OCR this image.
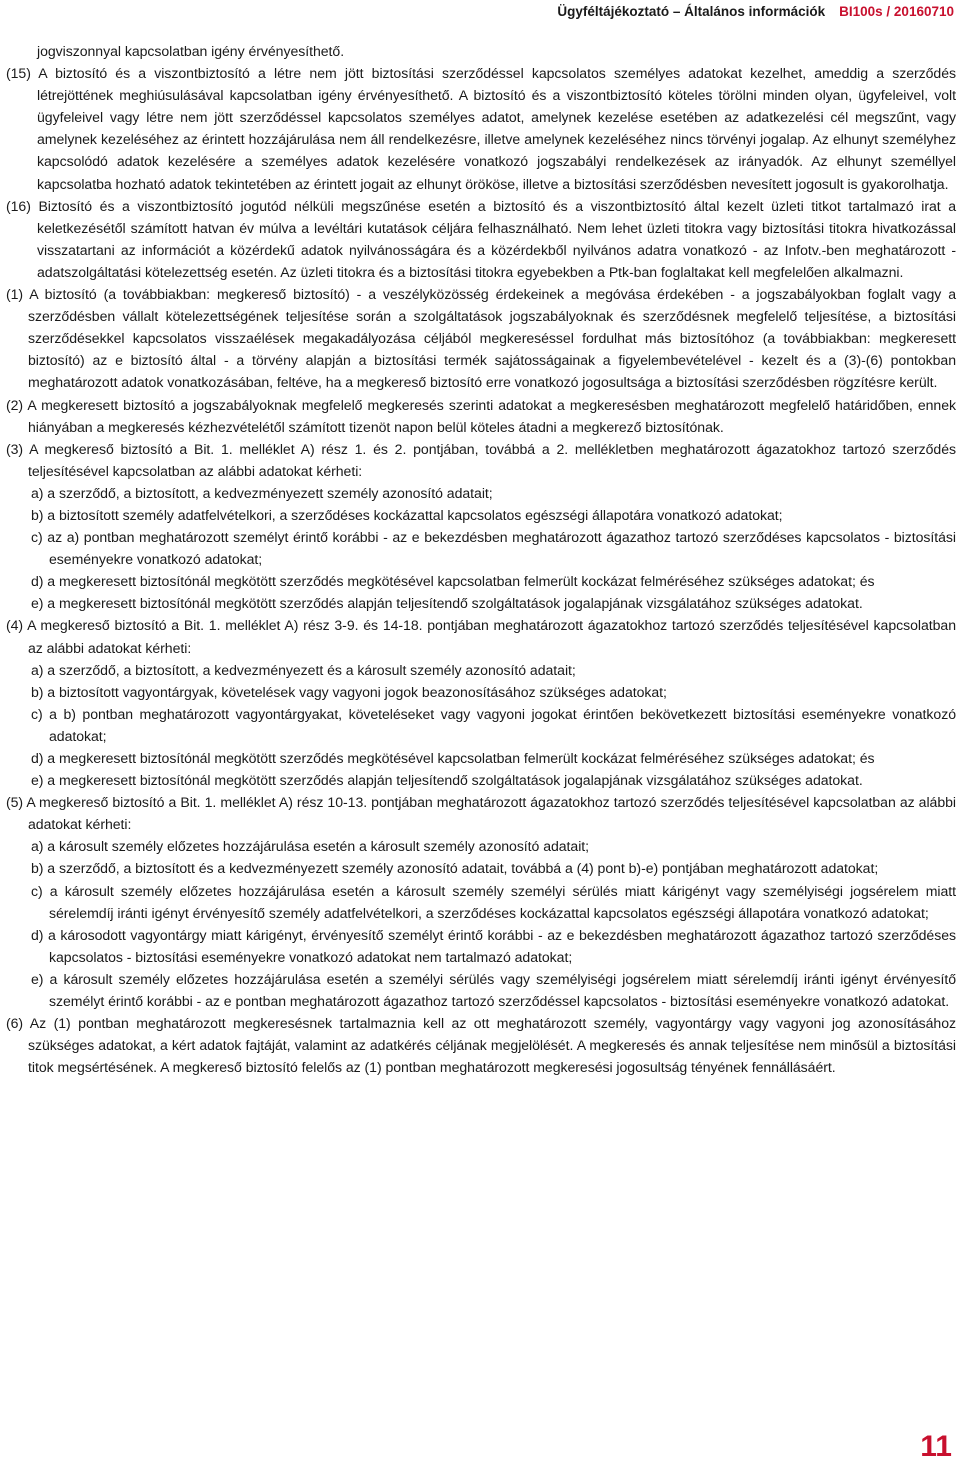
Ügyféltájékoztató – Általános információk BI100s / 20160710

jogviszonnyal kapcsolatban igény érvényesíthető.

(15) A biztosító és a viszontbiztosító a létre nem jött biztosítási szerződéssel kapcsolatos személyes adatokat kezelhet, ameddig a szerződés létrejöttének meghiúsulásával kapcsolatban igény érvényesíthető. A biztosító és a viszontbiztosító köteles törölni minden olyan, ügyfeleivel, volt ügyfeleivel vagy létre nem jött szerződéssel kapcsolatos személyes adatot, amelynek kezelése esetében az adatkezelési cél megszűnt, vagy amelynek kezeléséhez az érintett hozzájárulása nem áll rendelkezésre, illetve amelynek kezeléséhez nincs törvényi jogalap. Az elhunyt személyhez kapcsolódó adatok kezelésére a személyes adatok kezelésére vonatkozó jogszabályi rendelkezések az irányadók. Az elhunyt személlyel kapcsolatba hozható adatok tekintetében az érintett jogait az elhunyt örököse, illetve a biztosítási szerződésben nevesített jogosult is gyakorolhatja.

(16) Biztosító és a viszontbiztosító jogutód nélküli megszűnése esetén a biztosító és a viszontbiztosító által kezelt üzleti titkot tartalmazó irat a keletkezésétől számított hatvan év múlva a levéltári kutatások céljára felhasználható. Nem lehet üzleti titokra vagy biztosítási titokra hivatkozással visszatartani az információt a közérdekű adatok nyilvánosságára és a közérdekből nyilvános adatra vonatkozó - az Infotv.-ben meghatározott - adatszolgáltatási kötelezettség esetén. Az üzleti titokra és a biztosítási titokra egyebekben a Ptk-ban foglaltakat kell megfelelően alkalmazni.

(1) A biztosító (a továbbiakban: megkereső biztosító) - a veszélyközösség érdekeinek a megóvása érdekében - a jogszabályokban foglalt vagy a szerződésben vállalt kötelezettségének teljesítése során a szolgáltatások jogszabályoknak és szerződésnek megfelelő teljesítése, a biztosítási szerződésekkel kapcsolatos visszaélések megakadályozása céljából megkereséssel fordulhat más biztosítóhoz (a továbbiakban: megkeresett biztosító) az e biztosító által - a törvény alapján a biztosítási termék sajátosságainak a figyelembevételével - kezelt és a (3)-(6) pontokban meghatározott adatok vonatkozásában, feltéve, ha a megkereső biztosító erre vonatkozó jogosultsága a biztosítási szerződésben rögzítésre került.

(2) A megkeresett biztosító a jogszabályoknak megfelelő megkeresés szerinti adatokat a megkeresésben meghatározott megfelelő határidőben, ennek hiányában a megkeresés kézhezvételétől számított tizenöt napon belül köteles átadni a megkerező biztosítónak.

(3) A megkereső biztosító a Bit. 1. melléklet A) rész 1. és 2. pontjában, továbbá a 2. mellékletben meghatározott ágazatokhoz tartozó szerződés teljesítésével kapcsolatban az alábbi adatokat kérheti:

a) a szerződő, a biztosított, a kedvezményezett személy azonosító adatait;
b) a biztosított személy adatfelvételkori, a szerződéses kockázattal kapcsolatos egészségi állapotára vonatkozó adatokat;
c) az a) pontban meghatározott személyt érintő korábbi - az e bekezdésben meghatározott ágazathoz tartozó szerződéses kapcsolatos - biztosítási eseményekre vonatkozó adatokat;
d) a megkeresett biztosítónál megkötött szerződés megkötésével kapcsolatban felmerült kockázat felméréséhez szükséges adatokat; és
e) a megkeresett biztosítónál megkötött szerződés alapján teljesítendő szolgáltatások jogalapjának vizsgálatához szükséges adatokat.

(4) A megkereső biztosító a Bit. 1. melléklet A) rész 3-9. és 14-18. pontjában meghatározott ágazatokhoz tartozó szerződés teljesítésével kapcsolatban az alábbi adatokat kérheti:

a) a szerződő, a biztosított, a kedvezményezett és a károsult személy azonosító adatait;
b) a biztosított vagyontárgyak, követelések vagy vagyoni jogok beazonosításához szükséges adatokat;
c) a b) pontban meghatározott vagyontárgyakat, követeléseket vagy vagyoni jogokat érintően bekövetkezett biztosítási eseményekre vonatkozó adatokat;
d) a megkeresett biztosítónál megkötött szerződés megkötésével kapcsolatban felmerült kockázat felméréséhez szükséges adatokat; és
e) a megkeresett biztosítónál megkötött szerződés alapján teljesítendő szolgáltatások jogalapjának vizsgálatához szükséges adatokat.

(5) A megkereső biztosító a Bit. 1. melléklet A) rész 10-13. pontjában meghatározott ágazatokhoz tartozó szerződés teljesítésével kapcsolatban az alábbi adatokat kérheti:

a) a károsult személy előzetes hozzájárulása esetén a károsult személy azonosító adatait;
b) a szerződő, a biztosított és a kedvezményezett személy azonosító adatait, továbbá a (4) pont b)-e) pontjában meghatározott adatokat;
c) a károsult személy előzetes hozzájárulása esetén a károsult személy személyi sérülés miatt kárigényt vagy személyiségi jogsérelem miatt sérelemdíj iránti igényt érvényesítő személy adatfelvételkori, a szerződéses kockázattal kapcsolatos egészségi állapotára vonatkozó adatokat;
d) a károsodott vagyontárgy miatt kárigényt, érvényesítő személyt érintő korábbi - az e bekezdésben meghatározott ágazathoz tartozó szerződéses kapcsolatos - biztosítási eseményekre vonatkozó adatokat nem tartalmazó adatokat;
e) a károsult személy előzetes hozzájárulása esetén a személyi sérülés vagy személyiségi jogsérelem miatt sérelemdíj iránti igényt érvényesítő személyt érintő korábbi - az e pontban meghatározott ágazathoz tartozó szerződéssel kapcsolatos - biztosítási eseményekre vonatkozó adatokat.

(6) Az (1) pontban meghatározott megkeresésnek tartalmaznia kell az ott meghatározott személy, vagyontárgy vagy vagyoni jog azonosításához szükséges adatokat, a kért adatok fajtáját, valamint az adatkérés céljának megjelölését. A megkeresés és annak teljesítése nem minősül a biztosítási titok megsértésének. A megkereső biztosító felelős az (1) pontban meghatározott megkeresési jogosultság tényének fennállásáért.

11
